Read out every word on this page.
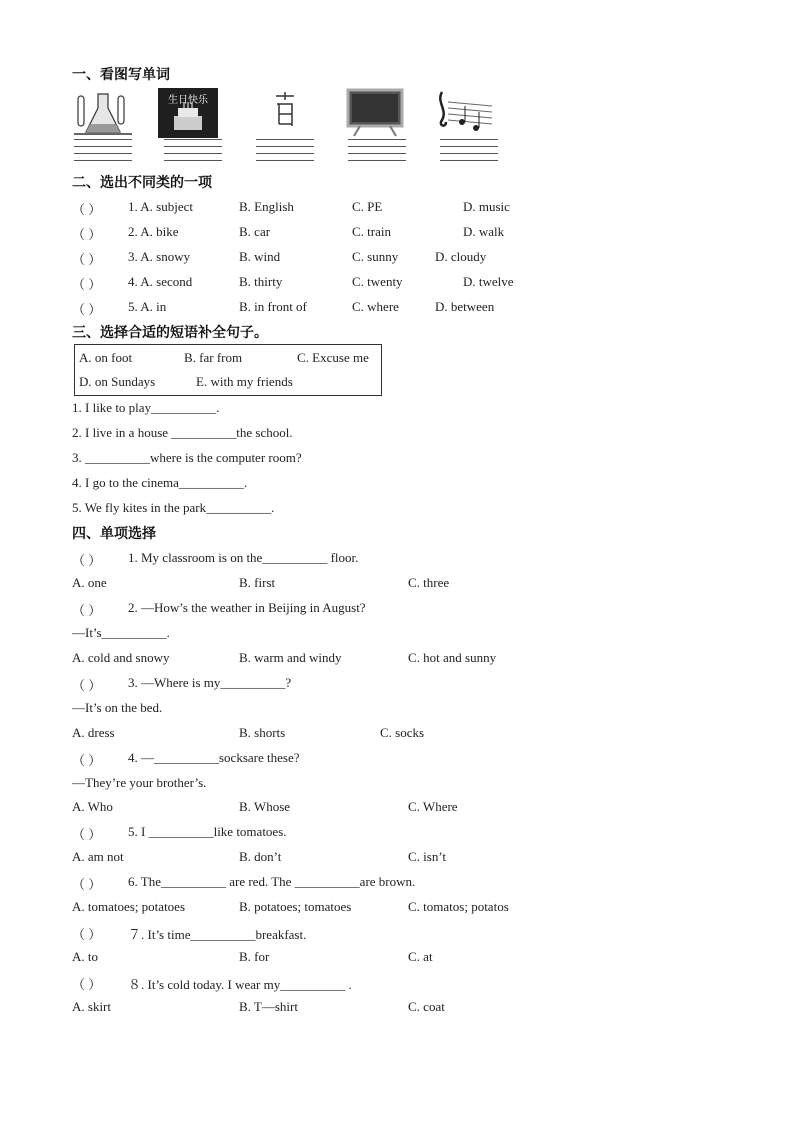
一、看图写单词
生日快乐
二、选出不同类的一项
（ ） 1. A. subject	B. English	C. PE	D. music
（ ） 2. A. bike	B. car	C. train	D. walk
（ ） 3. A. snowy	B. wind	C. sunny	D. cloudy
（ ） 4. A. second	B. thirty	C. twenty	D. twelve
（ ） 5. A. in	B. in front of	C. where	D. between
三、选择合适的短语补全句子。
A. on foot	B. far from	C. Excuse me
D. on Sundays	E. with my friends
1. I like to play__________.
2. I live in a house __________the school.
3. __________where is the computer room?
4. I go to the cinema__________.
5. We fly kites in the park__________.
四、单项选择
（ ） 1. My classroom is on the__________ floor.
A. one	B. first	C. three
（ ） 2. —How’s the weather in Beijing in August?
—It’s__________.
A. cold and snowy	B. warm and windy	C. hot and sunny
（ ） 3. —Where is my__________?
—It’s on the bed.
A. dress	B. shorts	C. socks
（ ） 4. —__________socksare these?
—They’re your brother’s.
A. Who	B. Whose	C. Where
（ ） 5. I __________like tomatoes.
A. am not	B. don’t	C. isn’t
（ ） 6. The__________ are red. The __________are brown.
A. tomatoes; potatoes	B. potatoes; tomatoes	C. tomatos; potatos
（ ） ７. It’s time__________breakfast.
A. to	B. for	C. at
（ ） ８. It’s cold today. I wear my__________ .
A. skirt	B. T—shirt	C. coat
